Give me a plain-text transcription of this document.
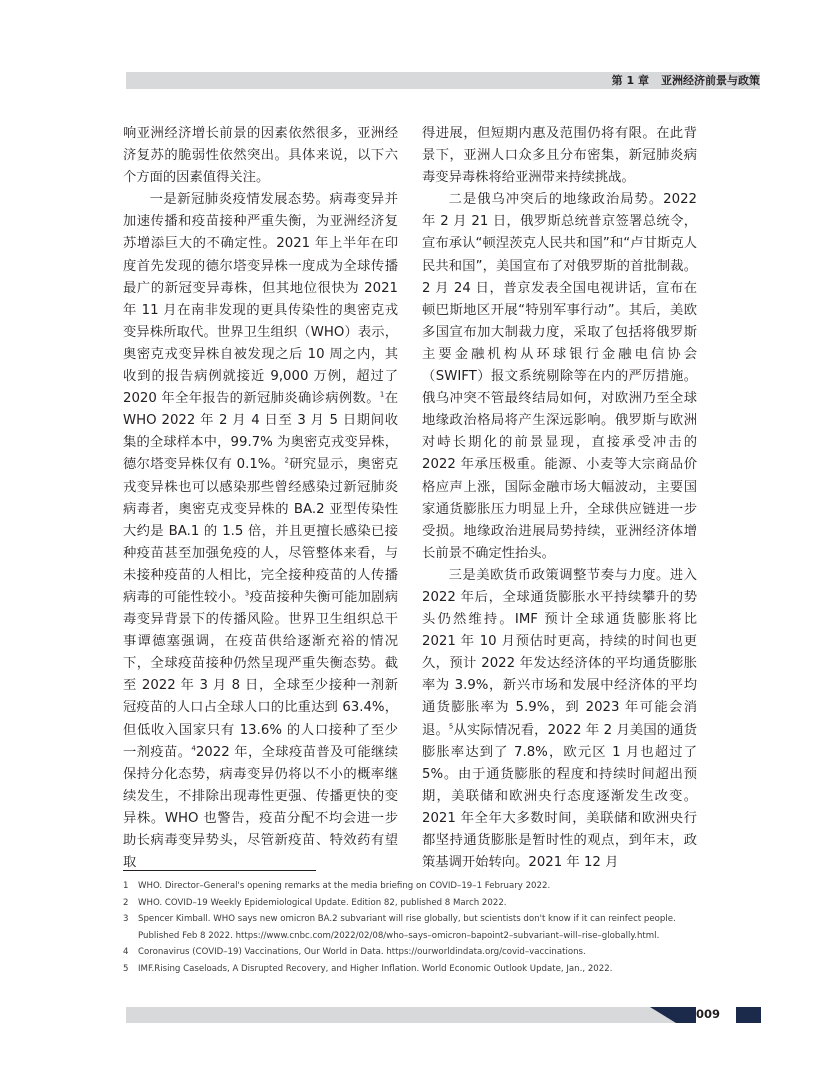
第 1 章 亚洲经济前景与政策

响亚洲经济增长前景的因素依然很多，亚洲经济复苏的脆弱性依然突出。具体来说，以下六个方面的因素值得关注。

一是新冠肺炎疫情发展态势。病毒变异并加速传播和疫苗接种严重失衡，为亚洲经济复苏增添巨大的不确定性。2021 年上半年在印度首先发现的德尔塔变异株一度成为全球传播最广的新冠变异毒株，但其地位很快为 2021 年 11 月在南非发现的更具传染性的奥密克戎变异株所取代。世界卫生组织（WHO）表示，奥密克戎变异株自被发现之后 10 周之内，其收到的报告病例就接近 9,000 万例，超过了 2020 年全年报告的新冠肺炎确诊病例数。$^1$在 WHO 2022 年 2 月 4 日至 3 月 5 日期间收集的全球样本中，99.7% 为奥密克戎变异株，德尔塔变异株仅有 0.1%。$^2$研究显示，奥密克戎变异株也可以感染那些曾经感染过新冠肺炎病毒者，奥密克戎变异株的 BA.2 亚型传染性大约是 BA.1 的 1.5 倍，并且更擅长感染已接种疫苗甚至加强免疫的人，尽管整体来看，与未接种疫苗的人相比，完全接种疫苗的人传播病毒的可能性较小。$^3$疫苗接种失衡可能加剧病毒变异背景下的传播风险。世界卫生组织总干事谭德塞强调，在疫苗供给逐渐充裕的情况下，全球疫苗接种仍然呈现严重失衡态势。截至 2022 年 3 月 8 日，全球至少接种一剂新冠疫苗的人口占全球人口的比重达到 63.4%，但低收入国家只有 13.6% 的人口接种了至少一剂疫苗。$^4$2022 年，全球疫苗普及可能继续保持分化态势，病毒变异仍将以不小的概率继续发生，不排除出现毒性更强、传播更快的变异株。WHO 也警告，疫苗分配不均会进一步助长病毒变异势头，尽管新疫苗、特效药有望取

得进展，但短期内惠及范围仍将有限。在此背景下，亚洲人口众多且分布密集，新冠肺炎病毒变异毒株将给亚洲带来持续挑战。

二是俄乌冲突后的地缘政治局势。2022 年 2 月 21 日，俄罗斯总统普京签署总统令，宣布承认“顿涅茨克人民共和国”和“卢甘斯克人民共和国”，美国宣布了对俄罗斯的首批制裁。2 月 24 日，普京发表全国电视讲话，宣布在顿巴斯地区开展“特别军事行动”。其后，美欧多国宣布加大制裁力度，采取了包括将俄罗斯主要金融机构从环球银行金融电信协会（SWIFT）报文系统剔除等在内的严厉措施。俄乌冲突不管最终结局如何，对欧洲乃至全球地缘政治格局将产生深远影响。俄罗斯与欧洲对峙长期化的前景显现，直接承受冲击的 2022 年承压极重。能源、小麦等大宗商品价格应声上涨，国际金融市场大幅波动，主要国家通货膨胀压力明显上升，全球供应链进一步受损。地缘政治进展局势持续，亚洲经济体增长前景不确定性抬头。

三是美欧货币政策调整节奏与力度。进入 2022 年后，全球通货膨胀水平持续攀升的势头仍然维持。IMF 预计全球通货膨胀将比 2021 年 10 月预估时更高，持续的时间也更久，预计 2022 年发达经济体的平均通货膨胀率为 3.9%，新兴市场和发展中经济体的平均通货膨胀率为 5.9%，到 2023 年可能会消退。$^5$从实际情况看，2022 年 2 月美国的通货膨胀率达到了 7.8%，欧元区 1 月也超过了 5%。由于通货膨胀的程度和持续时间超出预期，美联储和欧洲央行态度逐渐发生改变。2021 年全年大多数时间，美联储和欧洲央行都坚持通货膨胀是暂时性的观点，到年末，政策基调开始转向。2021 年 12 月

1	WHO. Director–General's opening remarks at the media briefing on COVID–19–1 February 2022.
2	WHO. COVID–19 Weekly Epidemiological Update. Edition 82, published 8 March 2022.
3	Spencer Kimball. WHO says new omicron BA.2 subvariant will rise globally, but scientists don't know if it can reinfect people.
Published Feb 8 2022. https://www.cnbc.com/2022/02/08/who–says–omicron–bapoint2–subvariant–will–rise–globally.html.
4	Coronavirus (COVID–19) Vaccinations, Our World in Data. https://ourworldindata.org/covid–vaccinations.
5	IMF.Rising Caseloads, A Disrupted Recovery, and Higher Inflation. World Economic Outlook Update, Jan., 2022.
009
